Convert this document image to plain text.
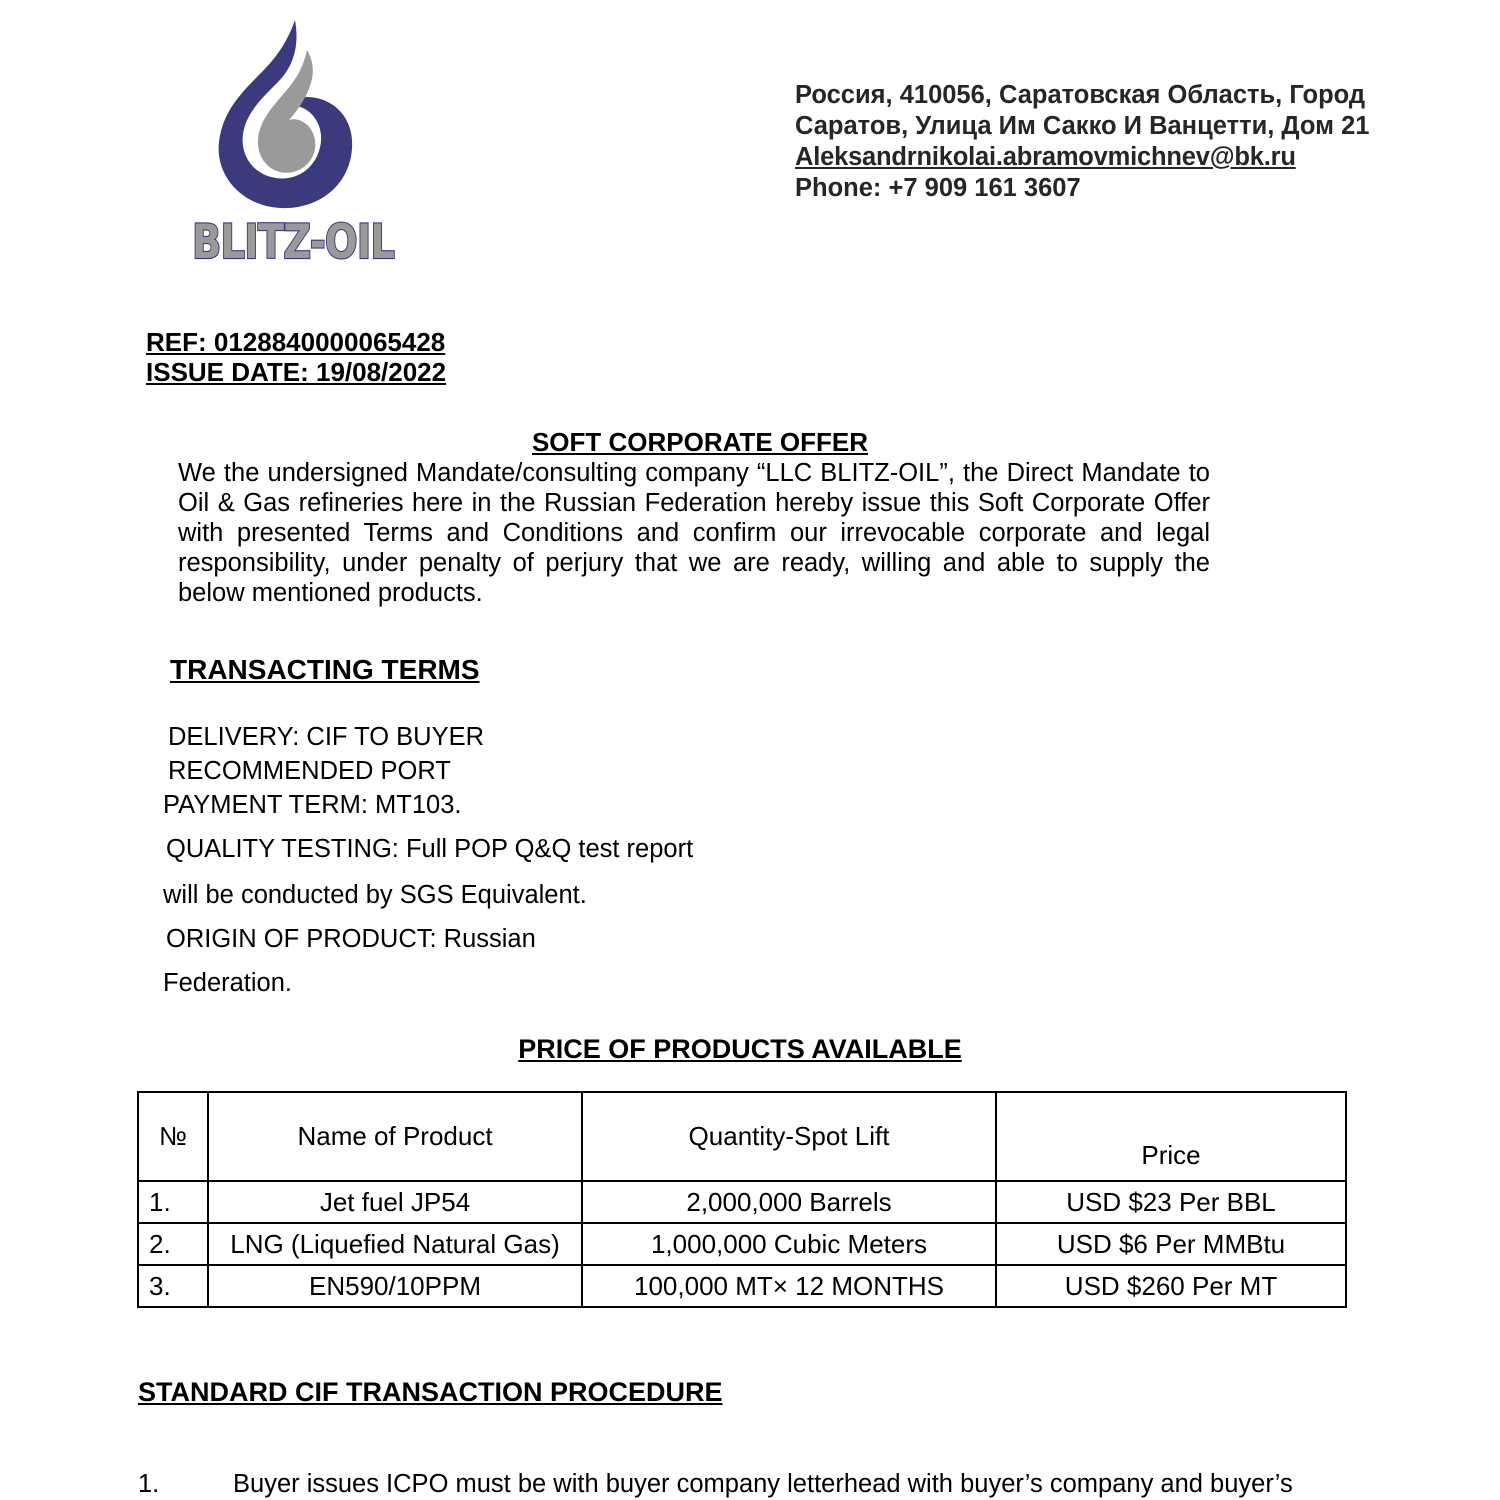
BLITZ-OIL
Россия, 410056, Саратовская Область, Город Саратов, Улица Им Сакко И Ванцетти, Дом 21
Aleksandrnikolai.abramovmichnev@bk.ru
Phone: +7 909 161 3607
REF: 0128840000065428
ISSUE DATE: 19/08/2022
SOFT CORPORATE OFFER
We the undersigned Mandate/consulting company “LLC BLITZ-OIL”, the Direct Mandate to Oil & Gas refineries here in the Russian Federation hereby issue this Soft Corporate Offer with presented Terms and Conditions and confirm our irrevocable corporate and legal responsibility, under penalty of perjury that we are ready, willing and able to supply the below mentioned products.
TRANSACTING TERMS
DELIVERY: CIF TO BUYER
RECOMMENDED PORT
PAYMENT TERM: MT103.
QUALITY TESTING: Full POP Q&Q test report
will be conducted by SGS Equivalent.
ORIGIN OF PRODUCT: Russian
Federation.
PRICE OF PRODUCTS AVAILABLE
№	Name of Product	Quantity-Spot Lift	Price
1.	Jet fuel JP54	2,000,000 Barrels	USD $23 Per BBL
2.	LNG (Liquefied Natural Gas)	1,000,000 Cubic Meters	USD $6 Per MMBtu
3.	EN590/10PPM	100,000 MT× 12 MONTHS	USD $260 Per MT
STANDARD CIF TRANSACTION PROCEDURE
1.	Buyer issues ICPO must be with buyer company letterhead with buyer’s company and buyer’s
